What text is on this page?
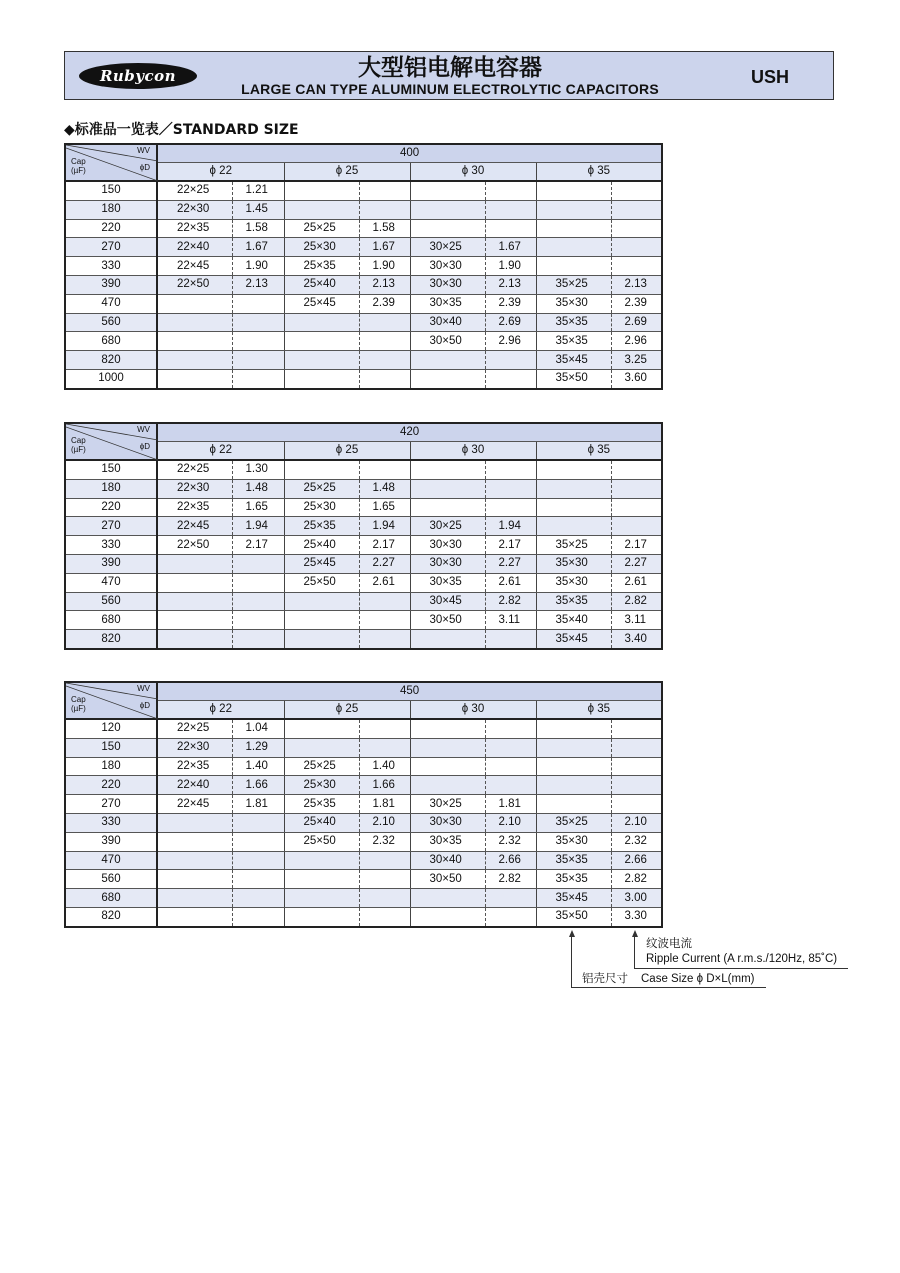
Rubycon	大型铝电解电容器
LARGE CAN TYPE ALUMINUM ELECTROLYTIC CAPACITORS
USH
◆标准品一览表／STANDARD SIZE
WV
Cap
(µF) ϕD	400							
	ϕ 22		ϕ 25		ϕ 30		ϕ 35	
150	22×25	1.21						
180	22×30	1.45						
220	22×35	1.58	25×25	1.58				
270	22×40	1.67	25×30	1.67	30×25	1.67		
330	22×45	1.90	25×35	1.90	30×30	1.90		
390	22×50	2.13	25×40	2.13	30×30	2.13	35×25	2.13
470			25×45	2.39	30×35	2.39	35×30	2.39
560					30×40	2.69	35×35	2.69
680					30×50	2.96	35×35	2.96
820							35×45	3.25
1000							35×50	3.60
WV
Cap
(µF) ϕD	420							
	ϕ 22		ϕ 25		ϕ 30		ϕ 35	
150	22×25	1.30						
180	22×30	1.48	25×25	1.48				
220	22×35	1.65	25×30	1.65				
270	22×45	1.94	25×35	1.94	30×25	1.94		
330	22×50	2.17	25×40	2.17	30×30	2.17	35×25	2.17
390			25×45	2.27	30×30	2.27	35×30	2.27
470			25×50	2.61	30×35	2.61	35×30	2.61
560					30×45	2.82	35×35	2.82
680					30×50	3.11	35×40	3.11
820							35×45	3.40
WV
Cap
(µF) ϕD	450							
	ϕ 22		ϕ 25		ϕ 30		ϕ 35	
120	22×25	1.04						
150	22×30	1.29						
180	22×35	1.40	25×25	1.40				
220	22×40	1.66	25×30	1.66				
270	22×45	1.81	25×35	1.81	30×25	1.81		
330			25×40	2.10	30×30	2.10	35×25	2.10
390			25×50	2.32	30×35	2.32	35×30	2.32
470					30×40	2.66	35×35	2.66
560					30×50	2.82	35×35	2.82
680							35×45	3.00
820							35×50	3.30
纹波电流
Ripple Current (A r.m.s./120Hz, 85˚C)
铝壳尺寸 Case Size ϕ D×L(mm)
